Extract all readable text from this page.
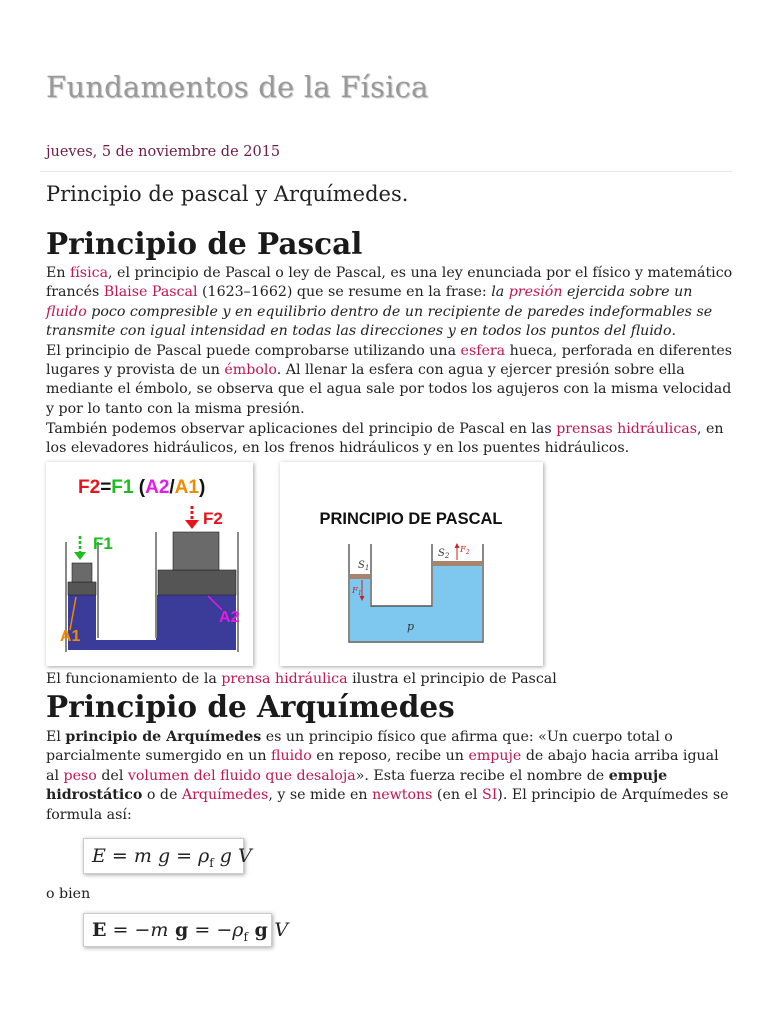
Fundamentos de la Física
jueves, 5 de noviembre de 2015
Principio de pascal y Arquímedes.
Principio de Pascal
En física, el principio de Pascal o ley de Pascal, es una ley enunciada por el físico y matemático francés Blaise Pascal (1623–1662) que se resume en la frase: la presión ejercida sobre un fluido poco compresible y en equilibrio dentro de un recipiente de paredes indeformables se transmite con igual intensidad en todas las direcciones y en todos los puntos del fluido.
El principio de Pascal puede comprobarse utilizando una esfera hueca, perforada en diferentes lugares y provista de un émbolo. Al llenar la esfera con agua y ejercer presión sobre ella mediante el émbolo, se observa que el agua sale por todos los agujeros con la misma velocidad y por lo tanto con la misma presión.
También podemos observar aplicaciones del principio de Pascal en las prensas hidráulicas, en los elevadores hidráulicos, en los frenos hidráulicos y en los puentes hidráulicos.
F2=F1 (A2/A1)
F1
F2
A1
A2
PRINCIPIO DE PASCAL
$S_1$
$S_2$
$F_1$
$F_2$
p
El funcionamiento de la prensa hidráulica ilustra el principio de Pascal
Principio de Arquímedes
El principio de Arquímedes es un principio físico que afirma que: «Un cuerpo total o parcialmente sumergido en un fluido en reposo, recibe un empuje de abajo hacia arriba igual al peso del volumen del fluido que desaloja». Esta fuerza recibe el nombre de empuje hidrostático o de Arquímedes, y se mide en newtons (en el SI). El principio de Arquímedes se formula así:
E = m $g = \rho_f$ g V
o bien
E = −m $g = -\rho_f$ g V
